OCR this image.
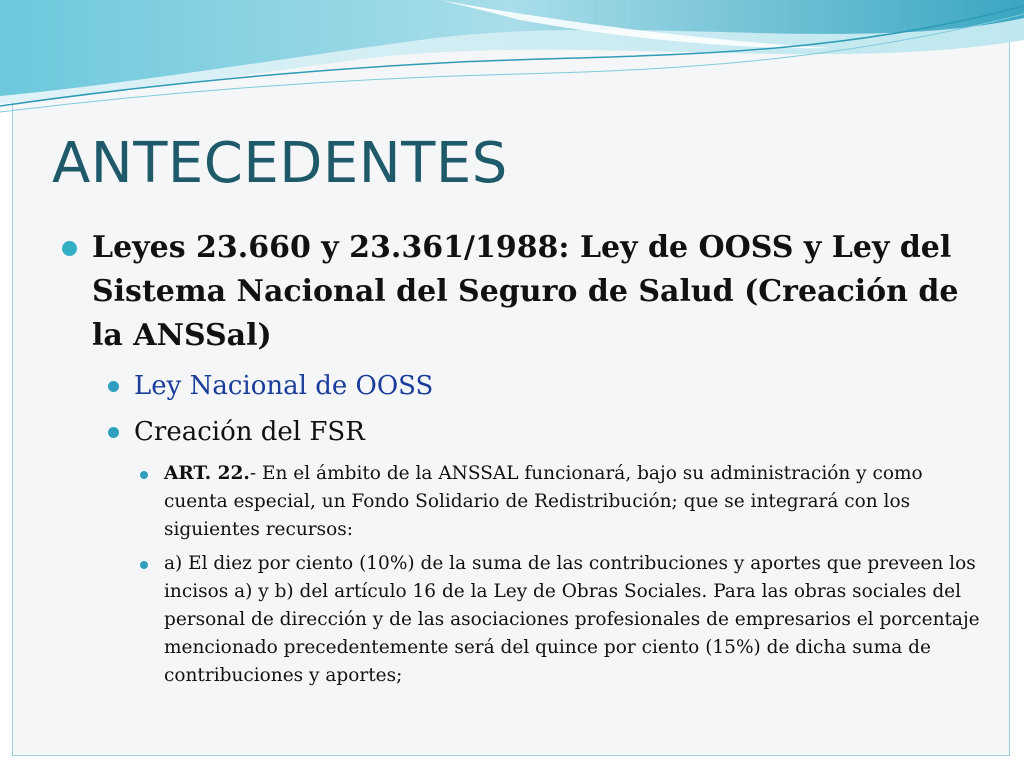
ANTECEDENTES
Leyes 23.660 y 23.361/1988: Ley de OOSS y Ley del Sistema Nacional del Seguro de Salud (Creación de la ANSSal)
Ley Nacional de OOSS
Creación del FSR
ART. 22.- En el ámbito de la ANSSAL funcionará, bajo su administración y como cuenta especial, un Fondo Solidario de Redistribución; que se integrará con los siguientes recursos:
a) El diez por ciento (10%) de la suma de las contribuciones y aportes que preveen los incisos a) y b) del artículo 16 de la Ley de Obras Sociales. Para las obras sociales del personal de dirección y de las asociaciones profesionales de empresarios el porcentaje mencionado precedentemente será del quince por ciento (15%) de dicha suma de contribuciones y aportes;
